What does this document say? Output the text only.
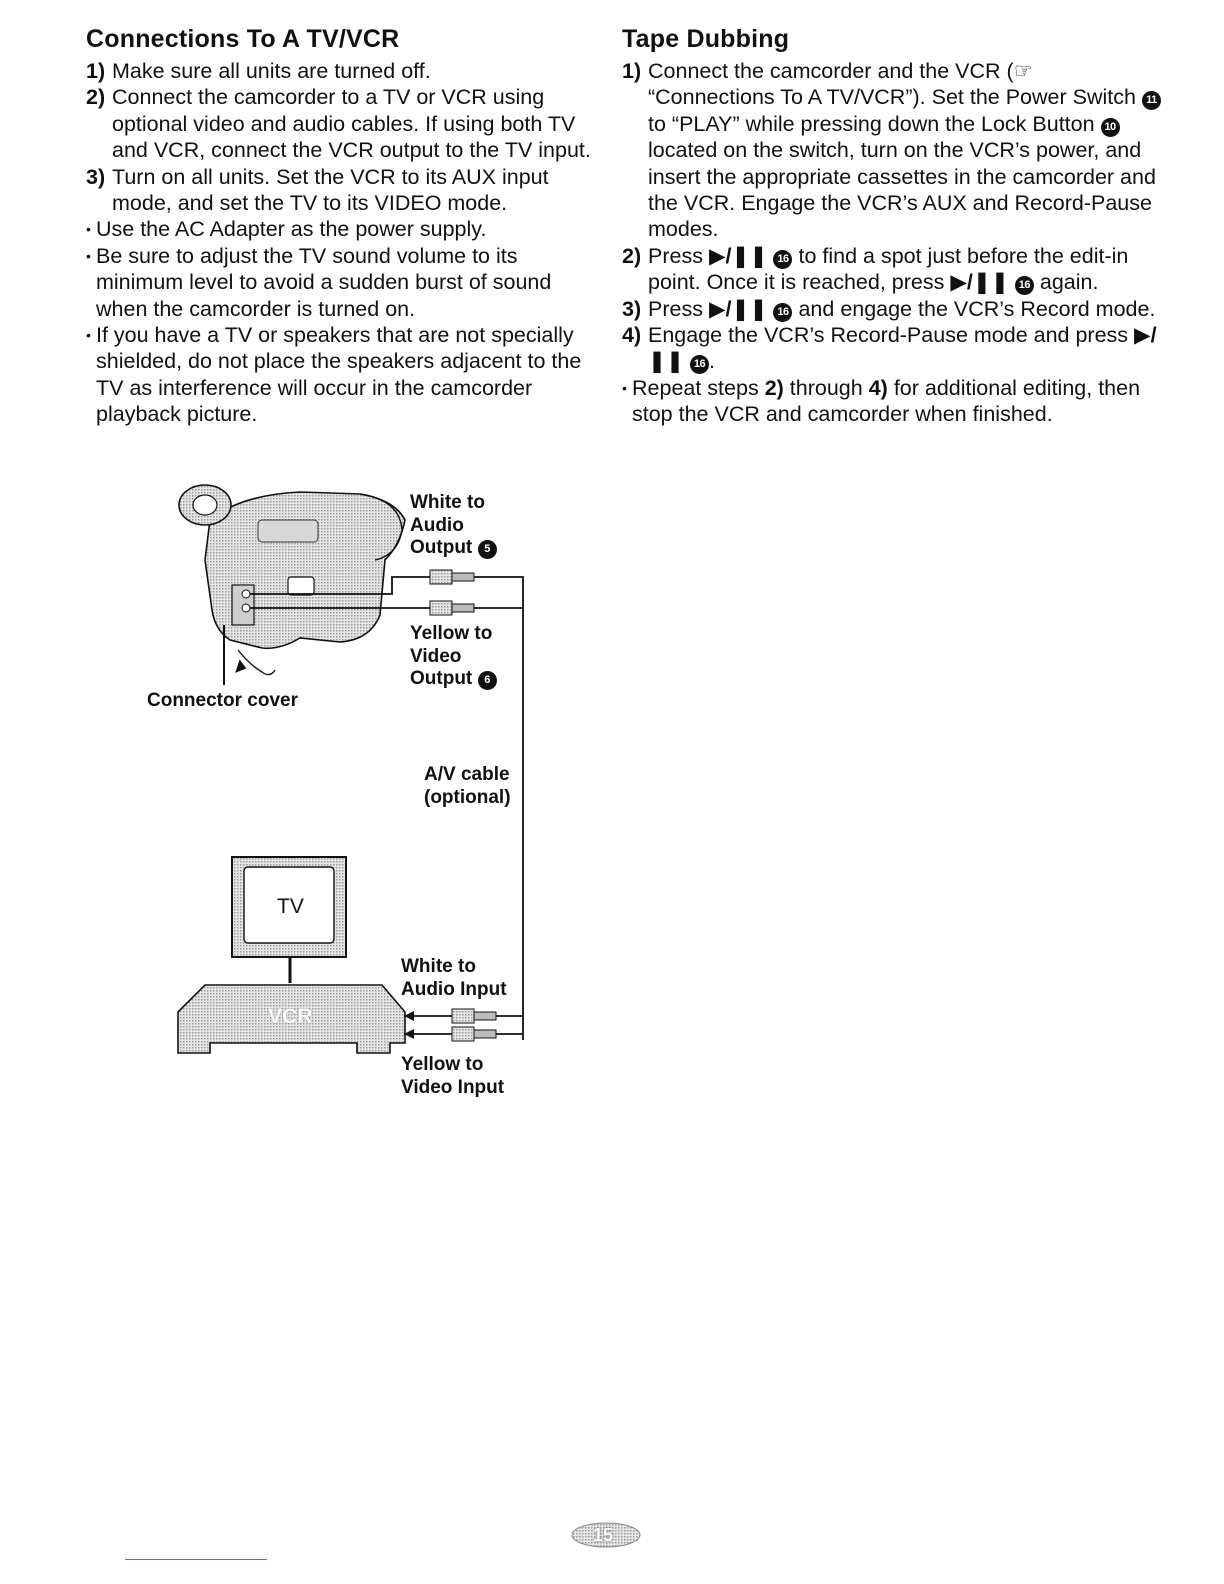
Connections To A TV/VCR
1) Make sure all units are turned off.
2) Connect the camcorder to a TV or VCR using optional video and audio cables. If using both TV and VCR, connect the VCR output to the TV input.
3) Turn on all units. Set the VCR to its AUX input mode, and set the TV to its VIDEO mode.
• Use the AC Adapter as the power supply.
• Be sure to adjust the TV sound volume to its minimum level to avoid a sudden burst of sound when the camcorder is turned on.
• If you have a TV or speakers that are not specially shielded, do not place the speakers adjacent to the TV as interference will occur in the camcorder playback picture.
Tape Dubbing
1) Connect the camcorder and the VCR (☞ “Connections To A TV/VCR”). Set the Power Switch 11 to “PLAY” while pressing down the Lock Button 10 located on the switch, turn on the VCR’s power, and insert the appropriate cassettes in the camcorder and the VCR. Engage the VCR’s AUX and Record-Pause modes.
2) Press ▶/❚❚ 16 to find a spot just before the edit-in point. Once it is reached, press ▶/❚❚ 16 again.
3) Press ▶/❚❚ 16 and engage the VCR’s Record mode.
4) Engage the VCR’s Record-Pause mode and press ▶/❚❚ 16 .
• Repeat steps 2) through 4) for additional editing, then stop the VCR and camcorder when finished.
White to
Audio
Output 5
Yellow to
Video
Output 6
Connector cover
A/V cable
(optional)
TV
VCR
White to
Audio Input
Yellow to
Video Input
15
